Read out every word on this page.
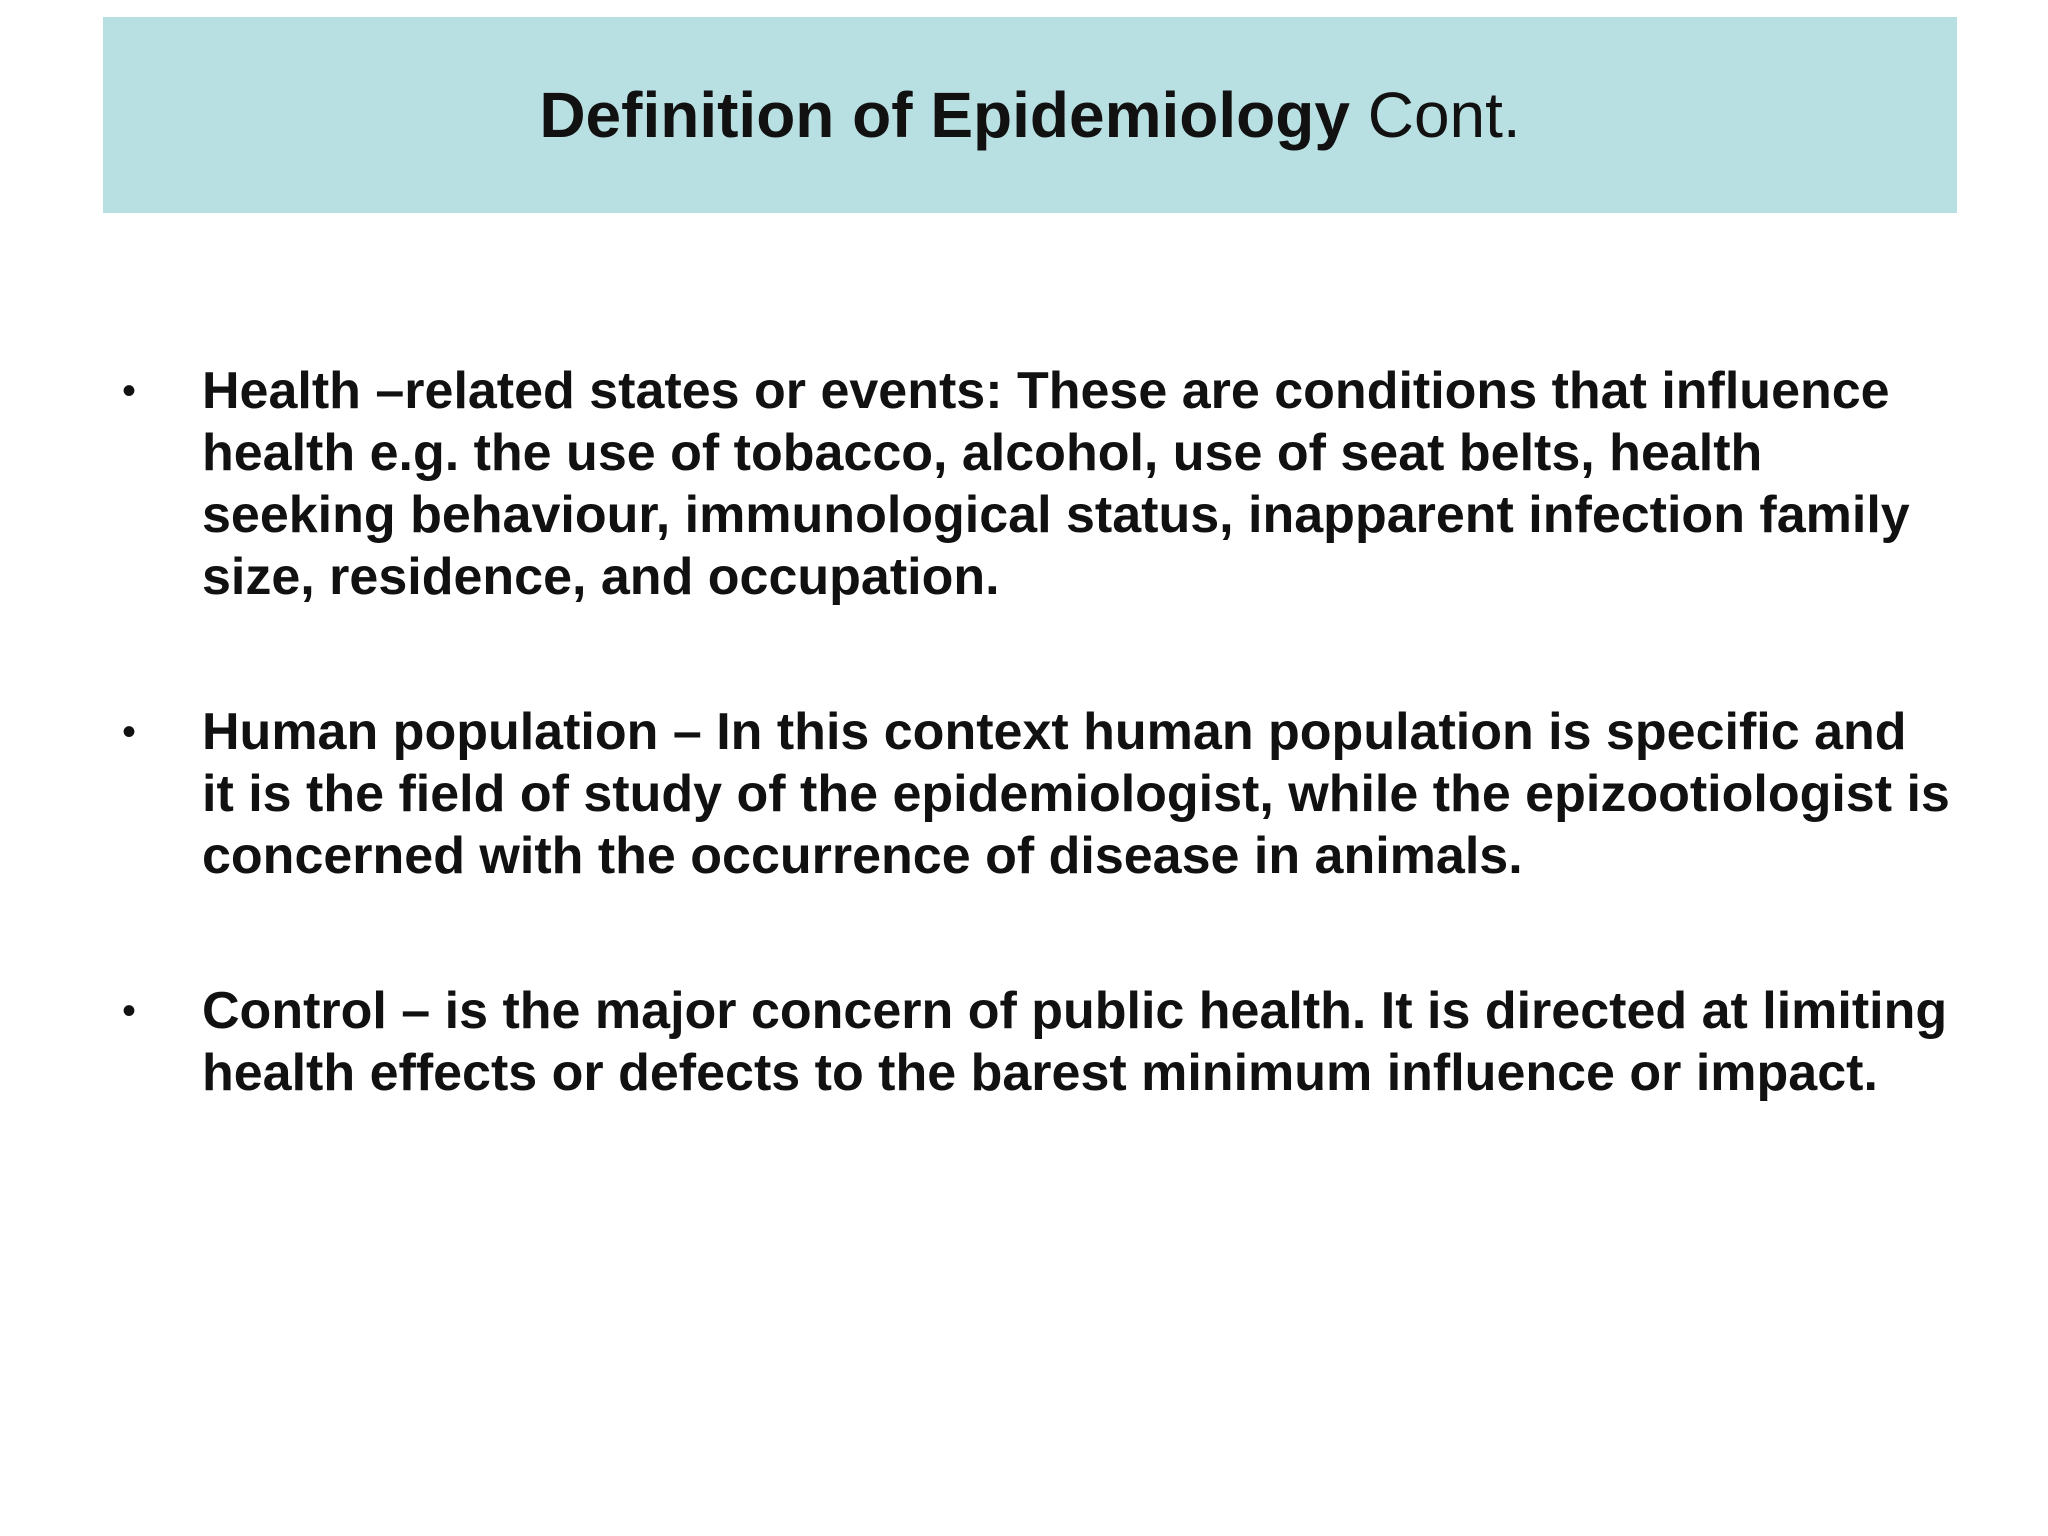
Definition of Epidemiology Cont.
• Health –related states or events: These are conditions that influence health e.g. the use of tobacco, alcohol, use of seat belts, health seeking behaviour, immunological status, inapparent infection family size, residence, and occupation.
• Human population – In this context human population is specific and it is the field of study of the epidemiologist, while the epizootiologist is concerned with the occurrence of disease in animals.
• Control – is the major concern of public health. It is directed at limiting health effects or defects to the barest minimum influence or impact.
